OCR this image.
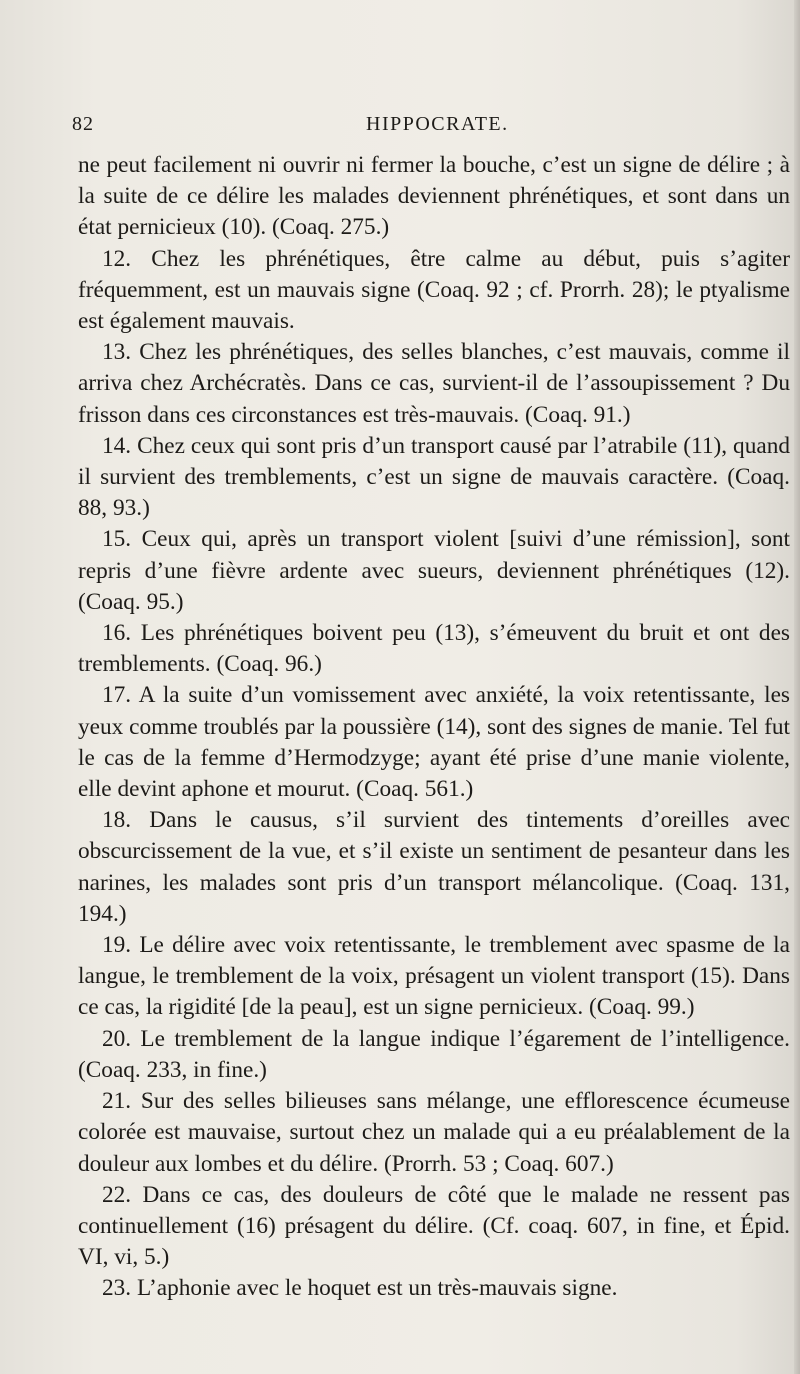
82	HIPPOCRATE.

ne peut facilement ni ouvrir ni fermer la bouche, c’est un signe de délire ; à la suite de ce délire les malades deviennent phrénétiques, et sont dans un état pernicieux (10). (Coaq. 275.)

12. Chez les phrénétiques, être calme au début, puis s’agiter fréquemment, est un mauvais signe (Coaq. 92 ; cf. Prorrh. 28); le ptyalisme est également mauvais.

13. Chez les phrénétiques, des selles blanches, c’est mauvais, comme il arriva chez Archécratès. Dans ce cas, survient-il de l’assoupissement ? Du frisson dans ces circonstances est très-mauvais. (Coaq. 91.)

14. Chez ceux qui sont pris d’un transport causé par l’atrabile (11), quand il survient des tremblements, c’est un signe de mauvais caractère. (Coaq. 88, 93.)

15. Ceux qui, après un transport violent [suivi d’une rémission], sont repris d’une fièvre ardente avec sueurs, deviennent phrénétiques (12). (Coaq. 95.)

16. Les phrénétiques boivent peu (13), s’émeuvent du bruit et ont des tremblements. (Coaq. 96.)

17. A la suite d’un vomissement avec anxiété, la voix retentissante, les yeux comme troublés par la poussière (14), sont des signes de manie. Tel fut le cas de la femme d’Hermodzyge; ayant été prise d’une manie violente, elle devint aphone et mourut. (Coaq. 561.)

18. Dans le causus, s’il survient des tintements d’oreilles avec obscurcissement de la vue, et s’il existe un sentiment de pesanteur dans les narines, les malades sont pris d’un transport mélancolique. (Coaq. 131, 194.)

19. Le délire avec voix retentissante, le tremblement avec spasme de la langue, le tremblement de la voix, présagent un violent transport (15). Dans ce cas, la rigidité [de la peau], est un signe pernicieux. (Coaq. 99.)

20. Le tremblement de la langue indique l’égarement de l’intelligence. (Coaq. 233, in fine.)

21. Sur des selles bilieuses sans mélange, une efflorescence écumeuse colorée est mauvaise, surtout chez un malade qui a eu préalablement de la douleur aux lombes et du délire. (Prorrh. 53 ; Coaq. 607.)

22. Dans ce cas, des douleurs de côté que le malade ne ressent pas continuellement (16) présagent du délire. (Cf. coaq. 607, in fine, et Épid. VI, vi, 5.)

23. L’aphonie avec le hoquet est un très-mauvais signe.
